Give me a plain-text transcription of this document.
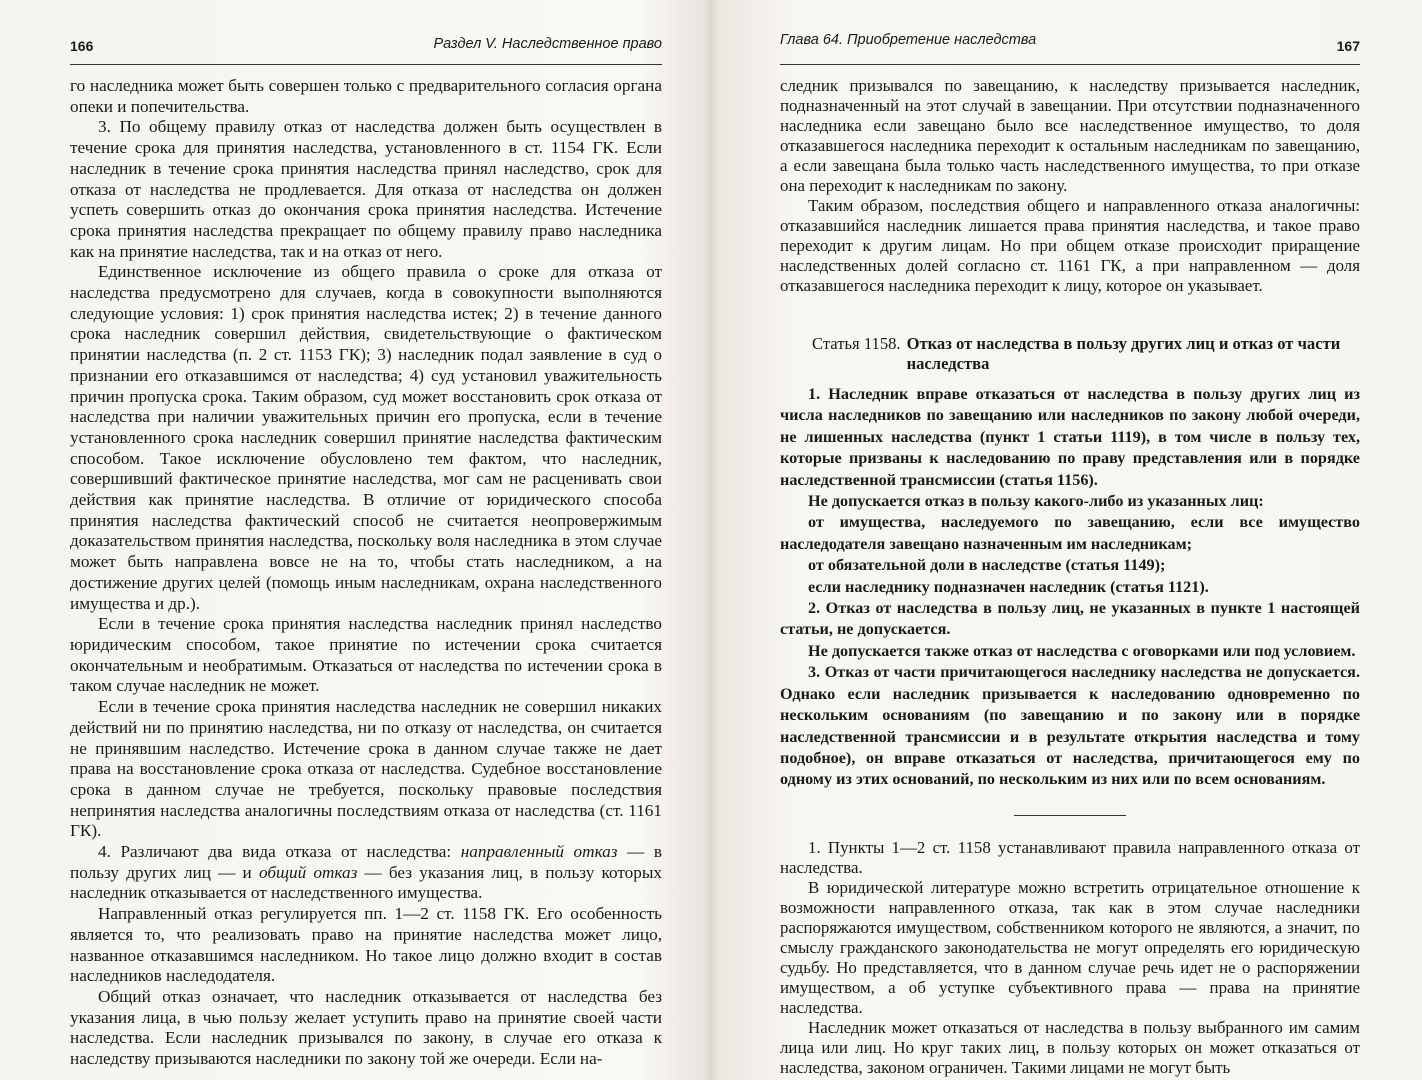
166	Раздел V. Наследственное право

го наследника может быть совершен только с предварительного согласия органа опеки и попечительства.

3. По общему правилу отказ от наследства должен быть осуществлен в течение срока для принятия наследства, установленного в ст. 1154 ГК. Если наследник в течение срока принятия наследства принял наследство, срок для отказа от наследства не продлевается. Для отказа от наследства он должен успеть совершить отказ до окончания срока принятия наследства. Истечение срока принятия наследства прекращает по общему правилу право наследника как на принятие наследства, так и на отказ от него.

Единственное исключение из общего правила о сроке для отказа от наследства предусмотрено для случаев, когда в совокупности выполняются следующие условия: 1) срок принятия наследства истек; 2) в течение данного срока наследник совершил действия, свидетельствующие о фактическом принятии наследства (п. 2 ст. 1153 ГК); 3) наследник подал заявление в суд о признании его отказавшимся от наследства; 4) суд установил уважительность причин пропуска срока. Таким образом, суд может восстановить срок отказа от наследства при наличии уважительных причин его пропуска, если в течение установленного срока наследник совершил принятие наследства фактическим способом. Такое исключение обусловлено тем фактом, что наследник, совершивший фактическое принятие наследства, мог сам не расценивать свои действия как принятие наследства. В отличие от юридического способа принятия наследства фактический способ не считается неопровержимым доказательством принятия наследства, поскольку воля наследника в этом случае может быть направлена вовсе не на то, чтобы стать наследником, а на достижение других целей (помощь иным наследникам, охрана наследственного имущества и др.).

Если в течение срока принятия наследства наследник принял наследство юридическим способом, такое принятие по истечении срока считается окончательным и необратимым. Отказаться от наследства по истечении срока в таком случае наследник не может.

Если в течение срока принятия наследства наследник не совершил никаких действий ни по принятию наследства, ни по отказу от наследства, он считается не принявшим наследство. Истечение срока в данном случае также не дает права на восстановление срока отказа от наследства. Судебное восстановление срока в данном случае не требуется, поскольку правовые последствия непринятия наследства аналогичны последствиям отказа от наследства (ст. 1161 ГК).

4. Различают два вида отказа от наследства: направленный отказ — в пользу других лиц — и общий отказ — без указания лиц, в пользу которых наследник отказывается от наследственного имущества.

Направленный отказ регулируется пп. 1—2 ст. 1158 ГК. Его особенность является то, что реализовать право на принятие наследства может лицо, названное отказавшимся наследником. Но такое лицо должно входит в состав наследников наследодателя.

Общий отказ означает, что наследник отказывается от наследства без указания лица, в чью пользу желает уступить право на принятие своей части наследства. Если наследник призывался по закону, в случае его отказа к наследству призываются наследники по закону той же очереди. Если на-

Глава 64. Приобретение наследства	167

следник призывался по завещанию, к наследству призывается наследник, подназначенный на этот случай в завещании. При отсутствии подназначенного наследника если завещано было все наследственное имущество, то доля отказавшегося наследника переходит к остальным наследникам по завещанию, а если завещана была только часть наследственного имущества, то при отказе она переходит к наследникам по закону.

Таким образом, последствия общего и направленного отказа аналогичны: отказавшийся наследник лишается права принятия наследства, и такое право переходит к другим лицам. Но при общем отказе происходит приращение наследственных долей согласно ст. 1161 ГК, а при направленном — доля отказавшегося наследника переходит к лицу, которое он указывает.

Статья 1158. Отказ от наследства в пользу других лиц и отказ от части наследства

1. Наследник вправе отказаться от наследства в пользу других лиц из числа наследников по завещанию или наследников по закону любой очереди, не лишенных наследства (пункт 1 статьи 1119), в том числе в пользу тех, которые призваны к наследованию по праву представления или в порядке наследственной трансмиссии (статья 1156).

Не допускается отказ в пользу какого-либо из указанных лиц:

от имущества, наследуемого по завещанию, если все имущество наследодателя завещано назначенным им наследникам;

от обязательной доли в наследстве (статья 1149);

если наследнику подназначен наследник (статья 1121).

2. Отказ от наследства в пользу лиц, не указанных в пункте 1 настоящей статьи, не допускается.

Не допускается также отказ от наследства с оговорками или под условием.

3. Отказ от части причитающегося наследнику наследства не допускается. Однако если наследник призывается к наследованию одновременно по нескольким основаниям (по завещанию и по закону или в порядке наследственной трансмиссии и в результате открытия наследства и тому подобное), он вправе отказаться от наследства, причитающегося ему по одному из этих оснований, по нескольким из них или по всем основаниям.

1. Пункты 1—2 ст. 1158 устанавливают правила направленного отказа от наследства.

В юридической литературе можно встретить отрицательное отношение к возможности направленного отказа, так как в этом случае наследники распоряжаются имуществом, собственником которого не являются, а значит, по смыслу гражданского законодательства не могут определять его юридическую судьбу. Но представляется, что в данном случае речь идет не о распоряжении имуществом, а об уступке субъективного права — права на принятие наследства.

Наследник может отказаться от наследства в пользу выбранного им самим лица или лиц. Но круг таких лиц, в пользу которых он может отказаться от наследства, законом ограничен. Такими лицами не могут быть
